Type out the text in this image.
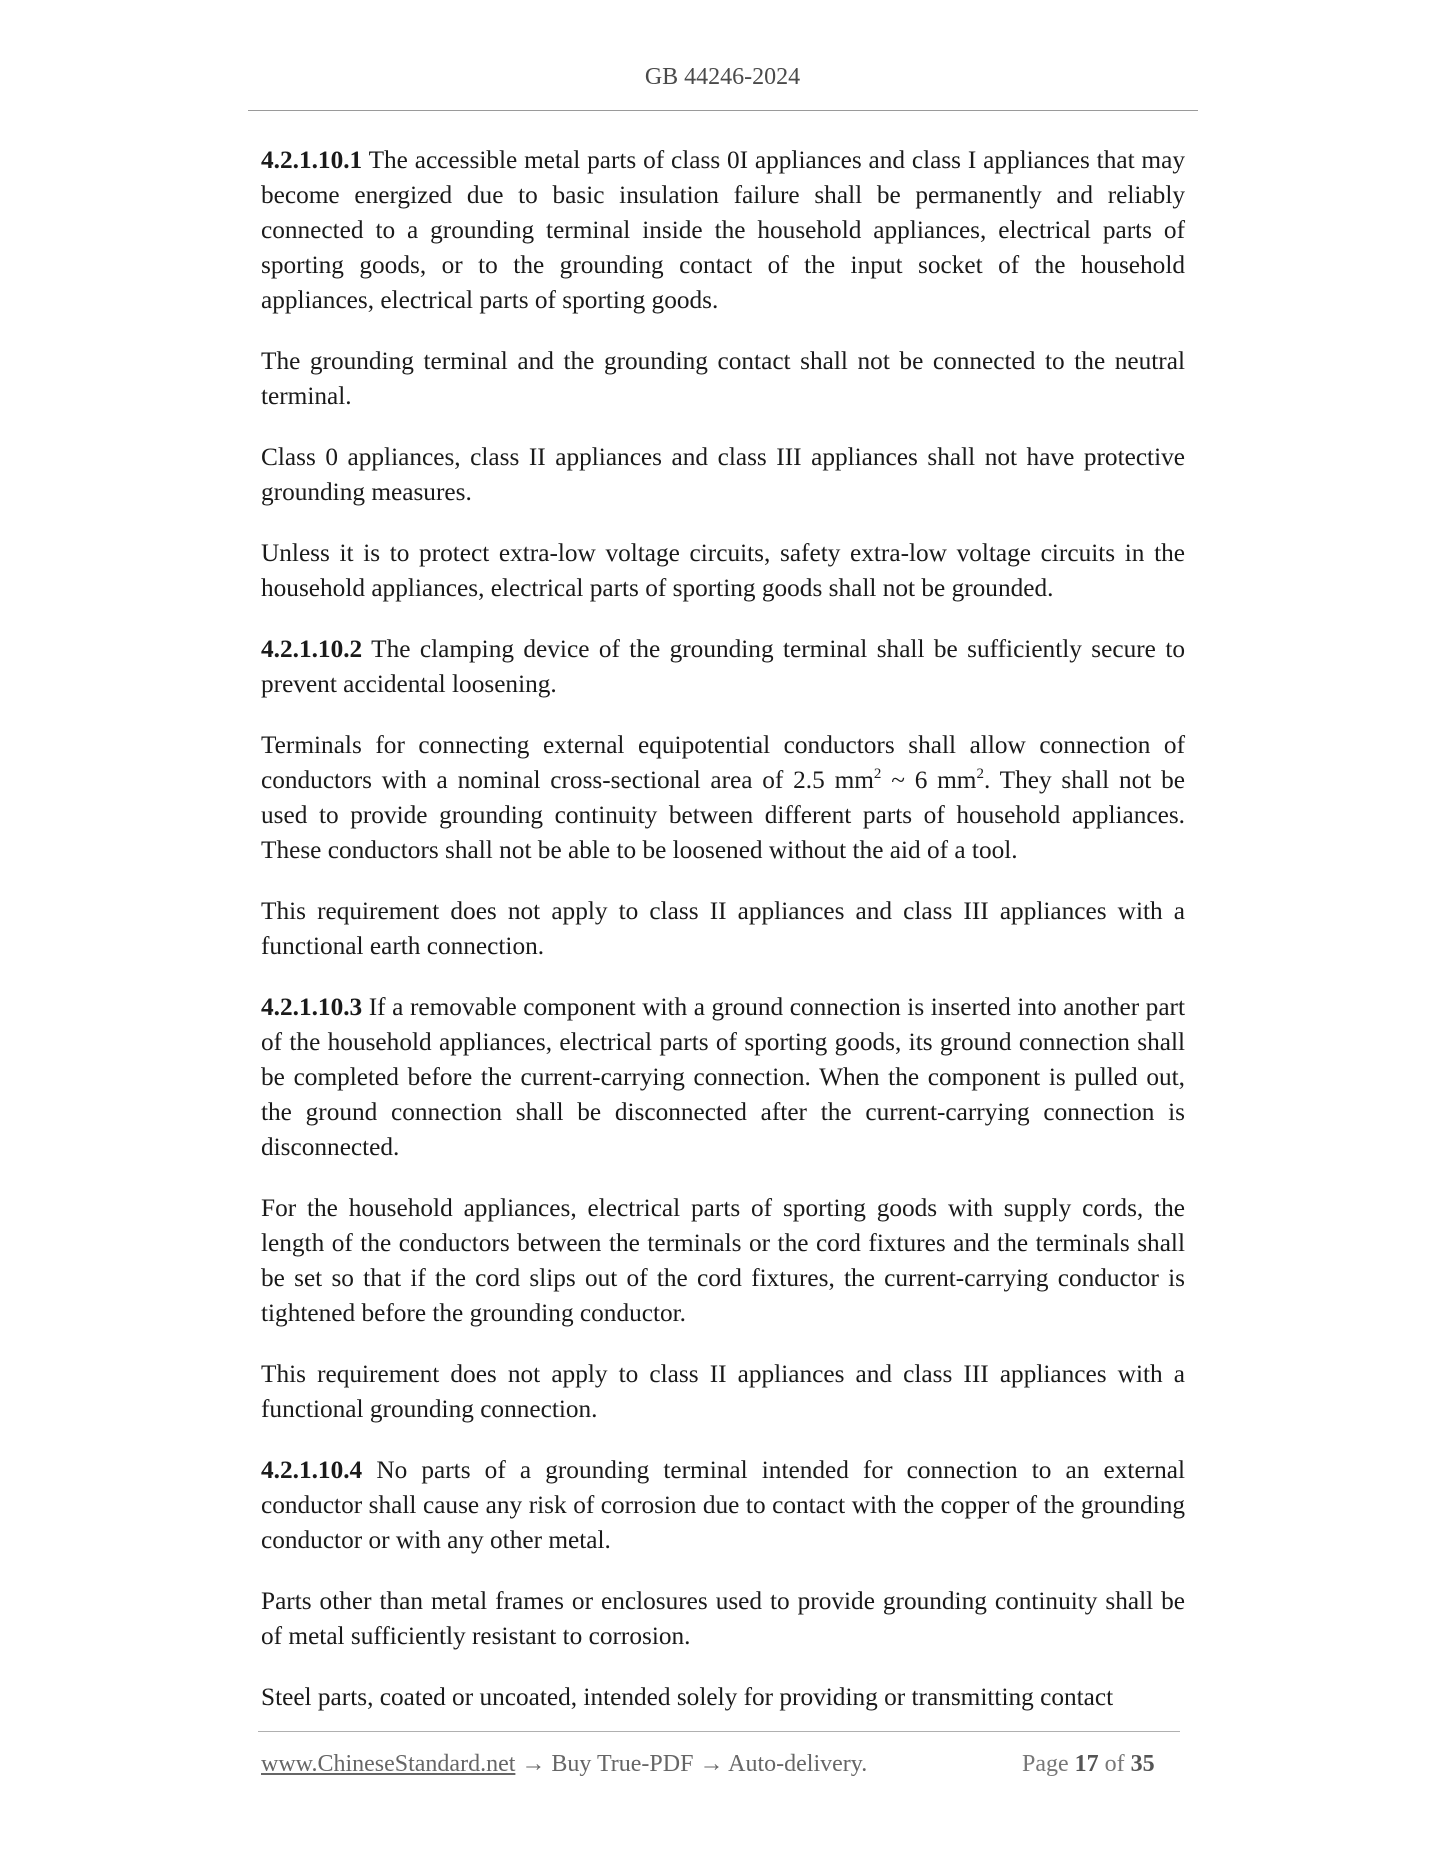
GB 44246-2024

4.2.1.10.1 The accessible metal parts of class 0I appliances and class I appliances that may become energized due to basic insulation failure shall be permanently and reliably connected to a grounding terminal inside the household appliances, electrical parts of sporting goods, or to the grounding contact of the input socket of the household appliances, electrical parts of sporting goods.

The grounding terminal and the grounding contact shall not be connected to the neutral terminal.

Class 0 appliances, class II appliances and class III appliances shall not have protective grounding measures.

Unless it is to protect extra-low voltage circuits, safety extra-low voltage circuits in the household appliances, electrical parts of sporting goods shall not be grounded.

4.2.1.10.2 The clamping device of the grounding terminal shall be sufficiently secure to prevent accidental loosening.

Terminals for connecting external equipotential conductors shall allow connection of conductors with a nominal cross-sectional area of 2.5 $mm^2$ ~ 6 $mm^2$. They shall not be used to provide grounding continuity between different parts of household appliances. These conductors shall not be able to be loosened without the aid of a tool.

This requirement does not apply to class II appliances and class III appliances with a functional earth connection.

4.2.1.10.3 If a removable component with a ground connection is inserted into another part of the household appliances, electrical parts of sporting goods, its ground connection shall be completed before the current-carrying connection. When the component is pulled out, the ground connection shall be disconnected after the current-carrying connection is disconnected.

For the household appliances, electrical parts of sporting goods with supply cords, the length of the conductors between the terminals or the cord fixtures and the terminals shall be set so that if the cord slips out of the cord fixtures, the current-carrying conductor is tightened before the grounding conductor.

This requirement does not apply to class II appliances and class III appliances with a functional grounding connection.

4.2.1.10.4 No parts of a grounding terminal intended for connection to an external conductor shall cause any risk of corrosion due to contact with the copper of the grounding conductor or with any other metal.

Parts other than metal frames or enclosures used to provide grounding continuity shall be of metal sufficiently resistant to corrosion.

Steel parts, coated or uncoated, intended solely for providing or transmitting contact

www.ChineseStandard.net → Buy True-PDF → Auto-delivery.	Page 17 of 35
